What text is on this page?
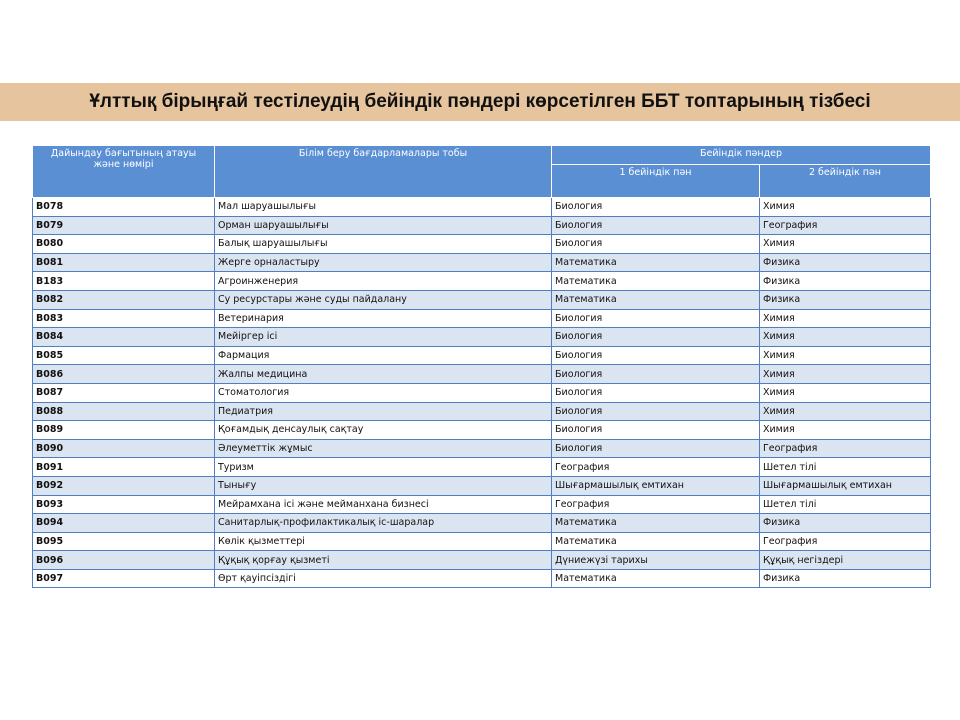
Ұлттық бірыңғай тестілеудің бейіндік пәндері көрсетілген ББТ топтарының тізбесі
Дайындау бағытының атауы және нөмірі	Білім беру бағдарламалары тобы	Бейіндік пәндер	
		1 бейіндік пән	2 бейіндік пән
B078	Мал шаруашылығы	Биология	Химия
B079	Орман шаруашылығы	Биология	География
B080	Балық шаруашылығы	Биология	Химия
B081	Жерге орналастыру	Математика	Физика
B183	Агроинженерия	Математика	Физика
B082	Су ресурстары және суды пайдалану	Математика	Физика
B083	Ветеринария	Биология	Химия
B084	Мейіргер ісі	Биология	Химия
B085	Фармация	Биология	Химия
B086	Жалпы медицина	Биология	Химия
B087	Стоматология	Биология	Химия
B088	Педиатрия	Биология	Химия
B089	Қоғамдық денсаулық сақтау	Биология	Химия
B090	Әлеуметтік жұмыс	Биология	География
B091	Туризм	География	Шетел тілі
B092	Тынығу	Шығармашылық емтихан	Шығармашылық емтихан
B093	Мейрамхана ісі және мейманхана бизнесі	География	Шетел тілі
B094	Санитарлық-профилактикалық іс-шаралар	Математика	Физика
B095	Көлік қызметтері	Математика	География
B096	Құқық қорғау қызметі	Дүниежүзі тарихы	Құқық негіздері
B097	Өрт қауіпсіздігі	Математика	Физика
